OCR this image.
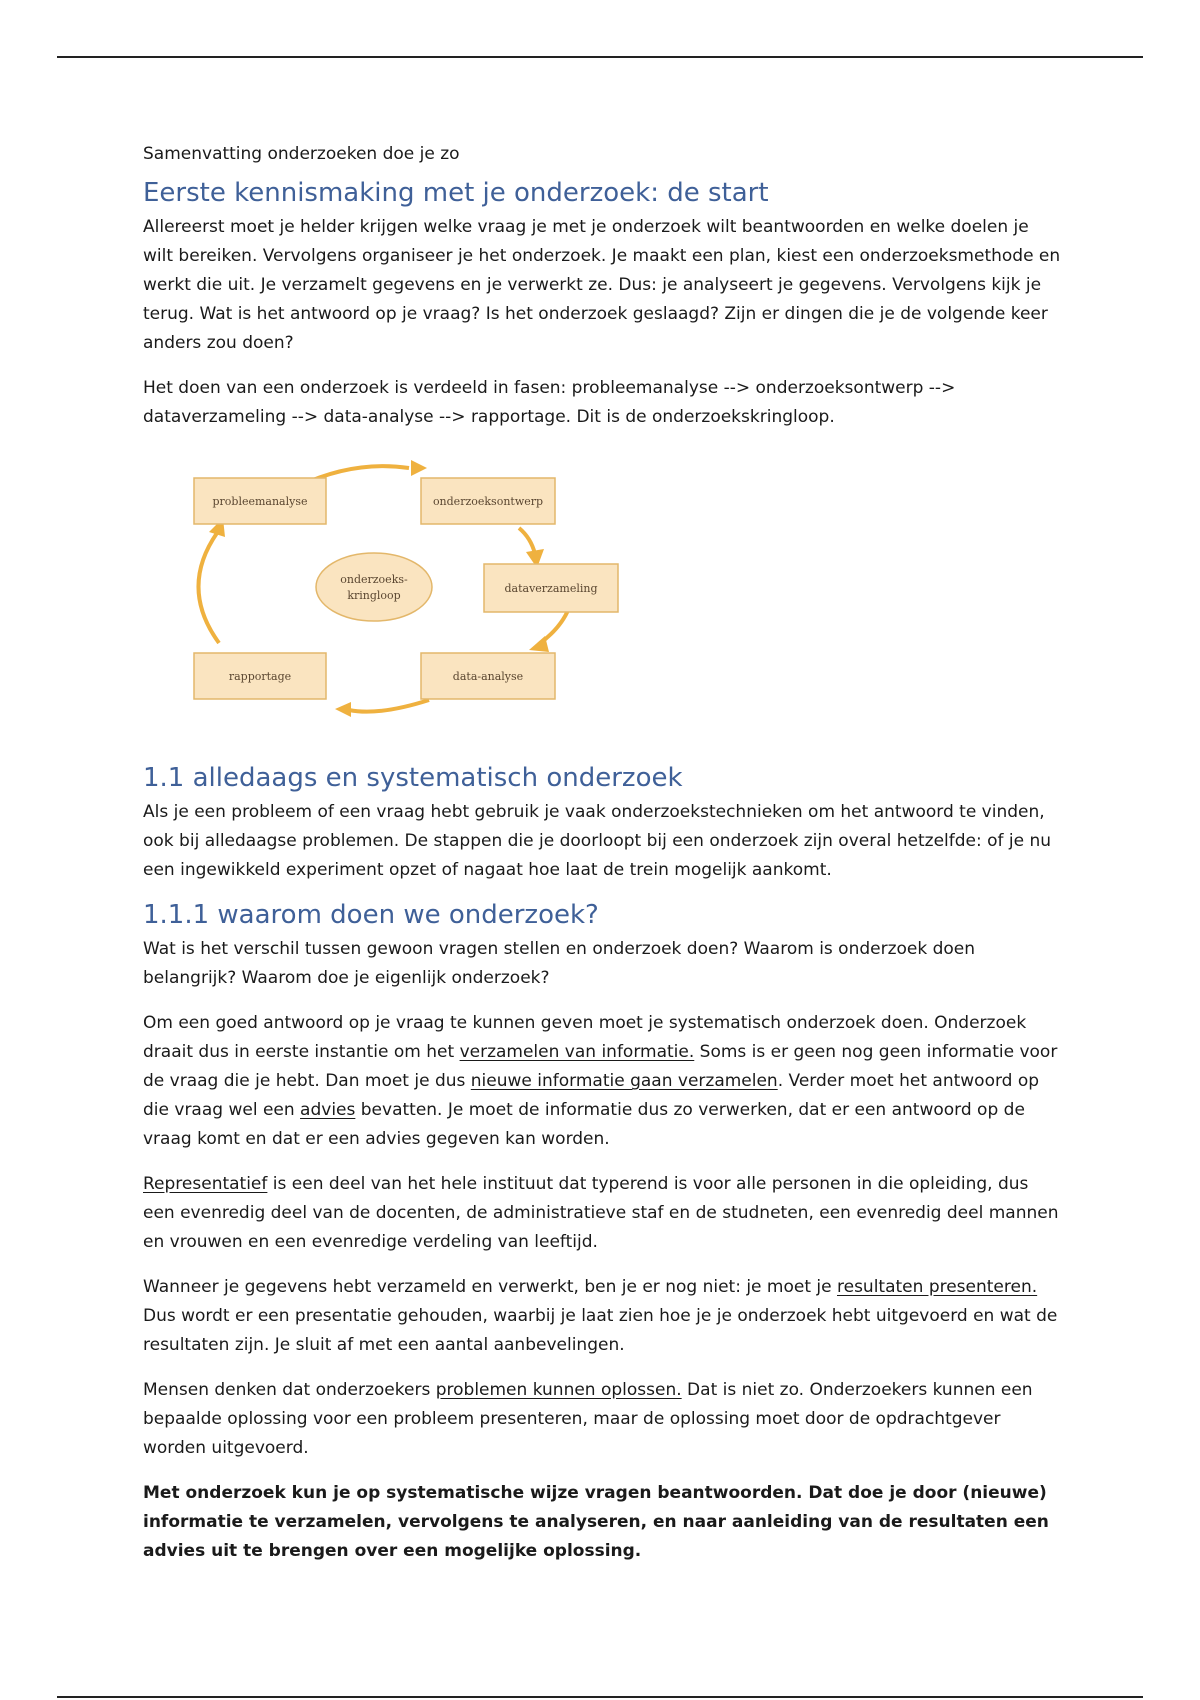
Samenvatting onderzoeken doe je zo
Eerste kennismaking met je onderzoek: de start

Allereerst moet je helder krijgen welke vraag je met je onderzoek wilt beantwoorden en welke doelen je wilt bereiken. Vervolgens organiseer je het onderzoek. Je maakt een plan, kiest een onderzoeksmethode en werkt die uit. Je verzamelt gegevens en je verwerkt ze. Dus: je analyseert je gegevens. Vervolgens kijk je terug. Wat is het antwoord op je vraag? Is het onderzoek geslaagd? Zijn er dingen die je de volgende keer anders zou doen?

Het doen van een onderzoek is verdeeld in fasen: probleemanalyse --> onderzoeksontwerp --> dataverzameling --> data-analyse --> rapportage. Dit is de onderzoekskringloop.

probleemanalyse	onderzoeksontwerp
dataverzameling
data-analyse
rapportage
onderzoeks-
kringloop
1.1 alledaags en systematisch onderzoek

Als je een probleem of een vraag hebt gebruik je vaak onderzoekstechnieken om het antwoord te vinden, ook bij alledaagse problemen. De stappen die je doorloopt bij een onderzoek zijn overal hetzelfde: of je nu een ingewikkeld experiment opzet of nagaat hoe laat de trein mogelijk aankomt.

1.1.1 waarom doen we onderzoek?

Wat is het verschil tussen gewoon vragen stellen en onderzoek doen? Waarom is onderzoek doen belangrijk? Waarom doe je eigenlijk onderzoek?

Om een goed antwoord op je vraag te kunnen geven moet je systematisch onderzoek doen. Onderzoek draait dus in eerste instantie om het verzamelen van informatie. Soms is er geen nog geen informatie voor de vraag die je hebt. Dan moet je dus nieuwe informatie gaan verzamelen. Verder moet het antwoord op die vraag wel een advies bevatten. Je moet de informatie dus zo verwerken, dat er een antwoord op de vraag komt en dat er een advies gegeven kan worden.

Representatief is een deel van het hele instituut dat typerend is voor alle personen in die opleiding, dus een evenredig deel van de docenten, de administratieve staf en de studneten, een evenredig deel mannen en vrouwen en een evenredige verdeling van leeftijd.

Wanneer je gegevens hebt verzameld en verwerkt, ben je er nog niet: je moet je resultaten presenteren. Dus wordt er een presentatie gehouden, waarbij je laat zien hoe je je onderzoek hebt uitgevoerd en wat de resultaten zijn. Je sluit af met een aantal aanbevelingen.

Mensen denken dat onderzoekers problemen kunnen oplossen. Dat is niet zo. Onderzoekers kunnen een bepaalde oplossing voor een probleem presenteren, maar de oplossing moet door de opdrachtgever worden uitgevoerd.

Met onderzoek kun je op systematische wijze vragen beantwoorden. Dat doe je door (nieuwe) informatie te verzamelen, vervolgens te analyseren, en naar aanleiding van de resultaten een advies uit te brengen over een mogelijke oplossing.
